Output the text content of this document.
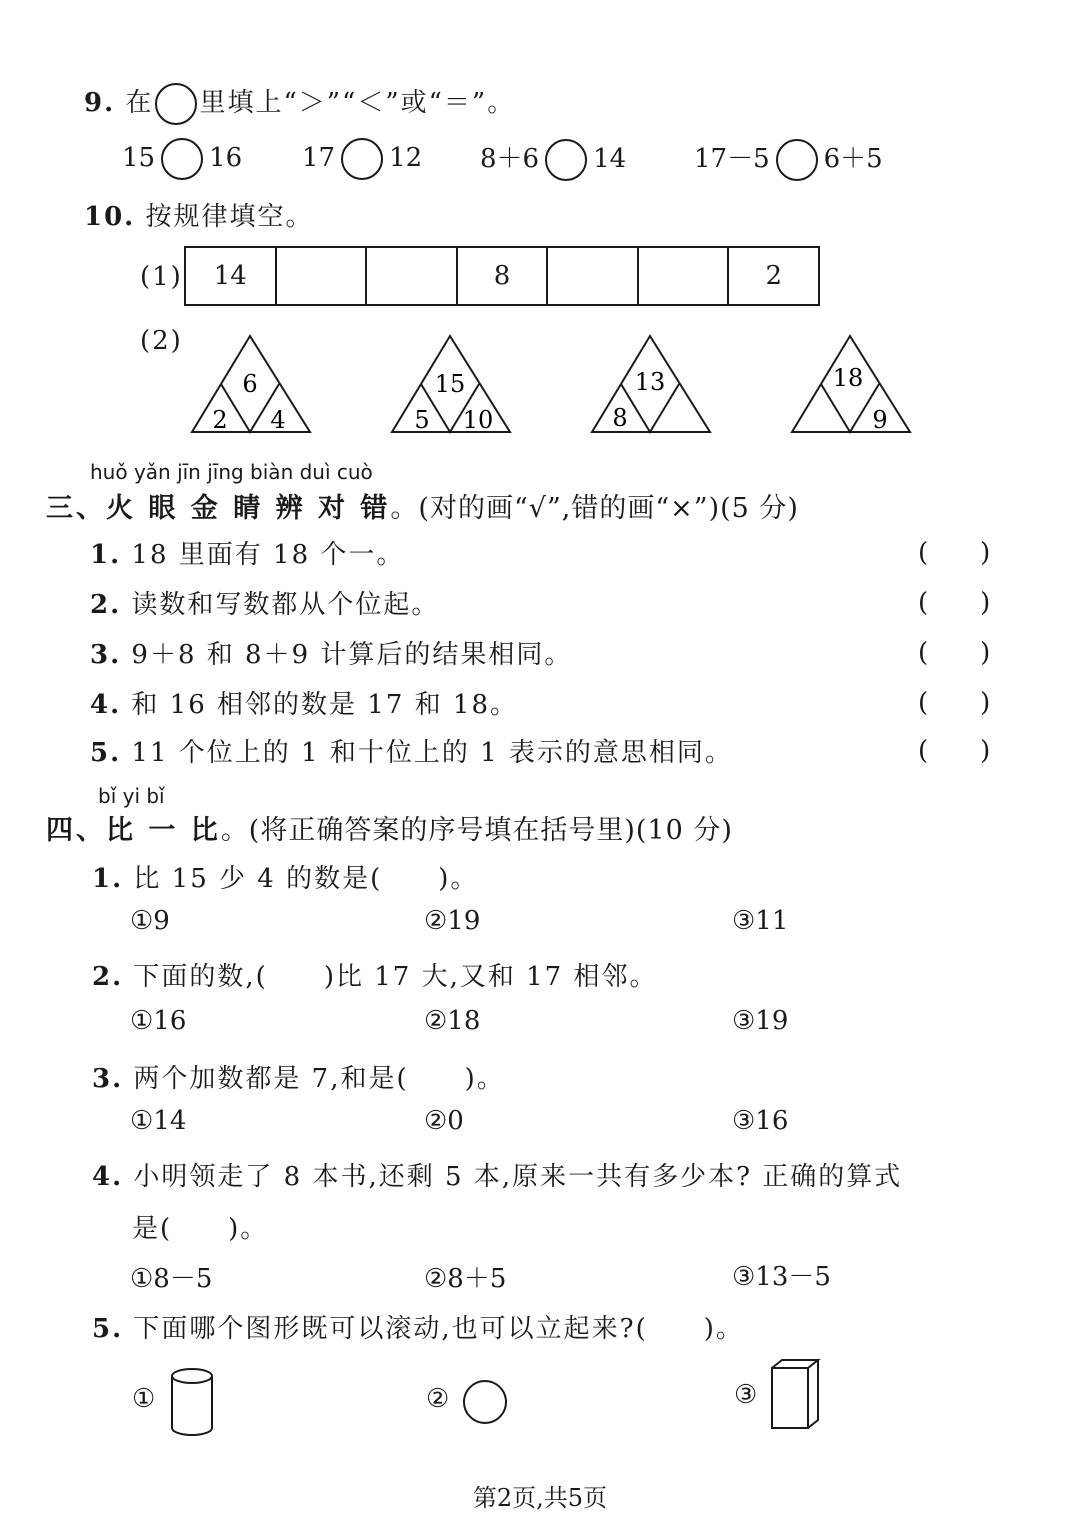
9. 在 里填上“＞”“＜”或“＝”。
15 16 17 12 8＋6 14	17－5 6＋5
10. 按规律填空。
(1)	14	8	2
(2)
6
2 4
15
5 10
13
8
18
9
huǒ yǎn jīn jīng biàn duì cuò
三、火 眼 金 睛 辨 对 错。(对的画“√”,错的画“×”)(5 分)
1. 18 里面有 18 个一。	(　　)
2. 读数和写数都从个位起。	(　　)
3. 9＋8 和 8＋9 计算后的结果相同。	(　　)
4. 和 16 相邻的数是 17 和 18。	(　　)
5. 11 个位上的 1 和十位上的 1 表示的意思相同。	(　　)
bǐ yi bǐ
四、比 一 比。(将正确答案的序号填在括号里)(10 分)
1. 比 15 少 4 的数是(　　)。
①9	②19	③11
2. 下面的数,(　　)比 17 大,又和 17 相邻。
①16	②18	③19
3. 两个加数都是 7,和是(　　)。
①14	②0	③16
4. 小明领走了 8 本书,还剩 5 本,原来一共有多少本? 正确的算式
是(　　)。
①8－5	②8＋5	③13－5
5. 下面哪个图形既可以滚动,也可以立起来?(　　)。
①	②	③
第2页,共5页
